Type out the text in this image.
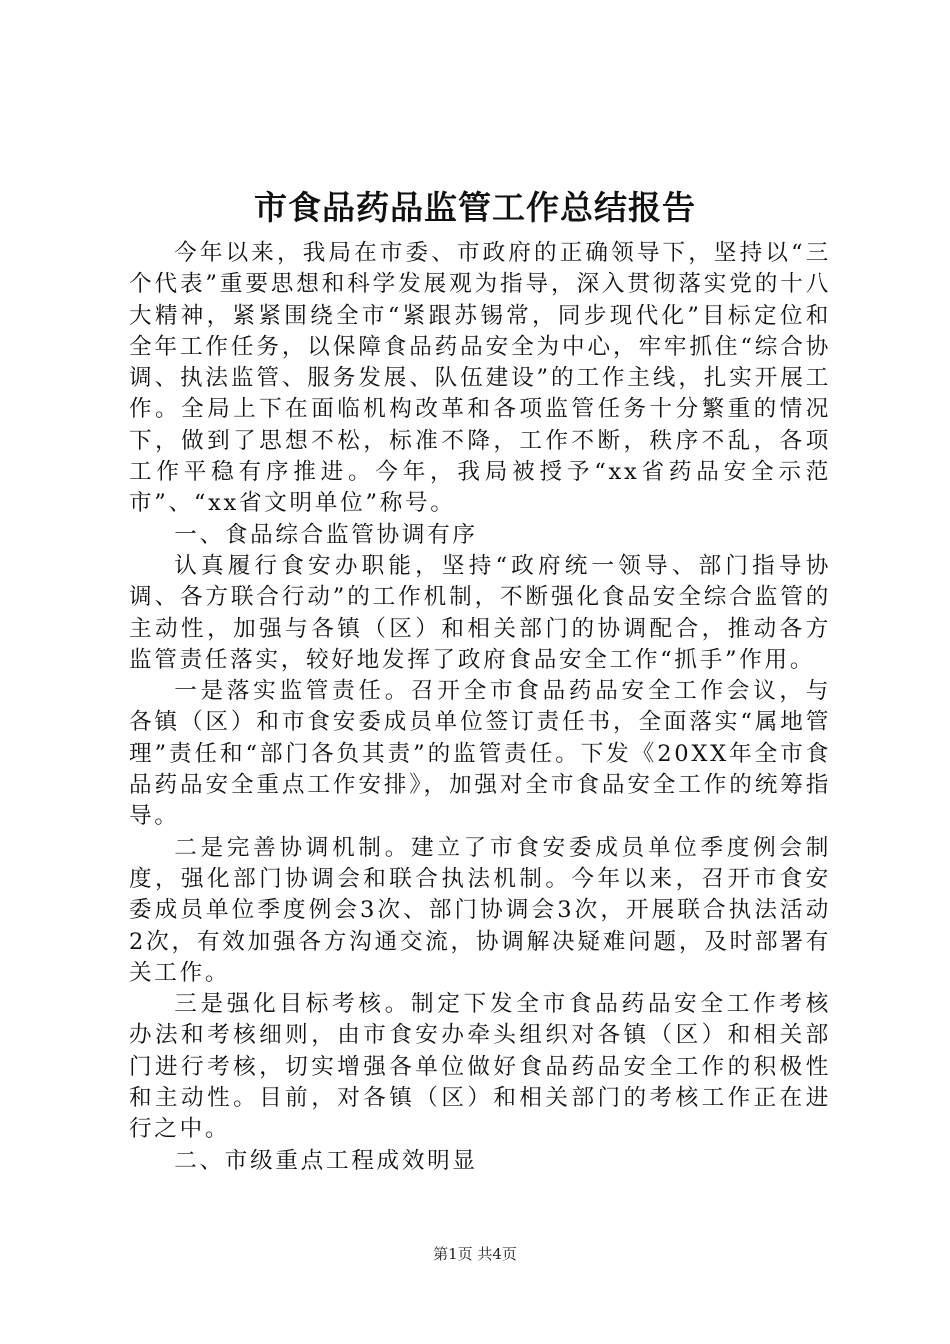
市食品药品监管工作总结报告

今年以来，我局在市委、市政府的正确领导下，坚持以“三个代表”重要思想和科学发展观为指导，深入贯彻落实党的十八大精神，紧紧围绕全市“紧跟苏锡常，同步现代化”目标定位和全年工作任务，以保障食品药品安全为中心，牢牢抓住“综合协调、执法监管、服务发展、队伍建设”的工作主线，扎实开展工作。全局上下在面临机构改革和各项监管任务十分繁重的情况下，做到了思想不松，标准不降，工作不断，秩序不乱，各项工作平稳有序推进。今年，我局被授予“xx省药品安全示范市”、“xx省文明单位”称号。

一、食品综合监管协调有序

认真履行食安办职能，坚持“政府统一领导、部门指导协调、各方联合行动”的工作机制，不断强化食品安全综合监管的主动性，加强与各镇（区）和相关部门的协调配合，推动各方监管责任落实，较好地发挥了政府食品安全工作“抓手”作用。

一是落实监管责任。召开全市食品药品安全工作会议，与各镇（区）和市食安委成员单位签订责任书，全面落实“属地管理”责任和“部门各负其责”的监管责任。下发《20XX年全市食品药品安全重点工作安排》，加强对全市食品安全工作的统筹指导。

二是完善协调机制。建立了市食安委成员单位季度例会制度，强化部门协调会和联合执法机制。今年以来，召开市食安委成员单位季度例会3次、部门协调会3次，开展联合执法活动2次，有效加强各方沟通交流，协调解决疑难问题，及时部署有关工作。

三是强化目标考核。制定下发全市食品药品安全工作考核办法和考核细则，由市食安办牵头组织对各镇（区）和相关部门进行考核，切实增强各单位做好食品药品安全工作的积极性和主动性。目前，对各镇（区）和相关部门的考核工作正在进行之中。

二、市级重点工程成效明显

第1页 共4页
